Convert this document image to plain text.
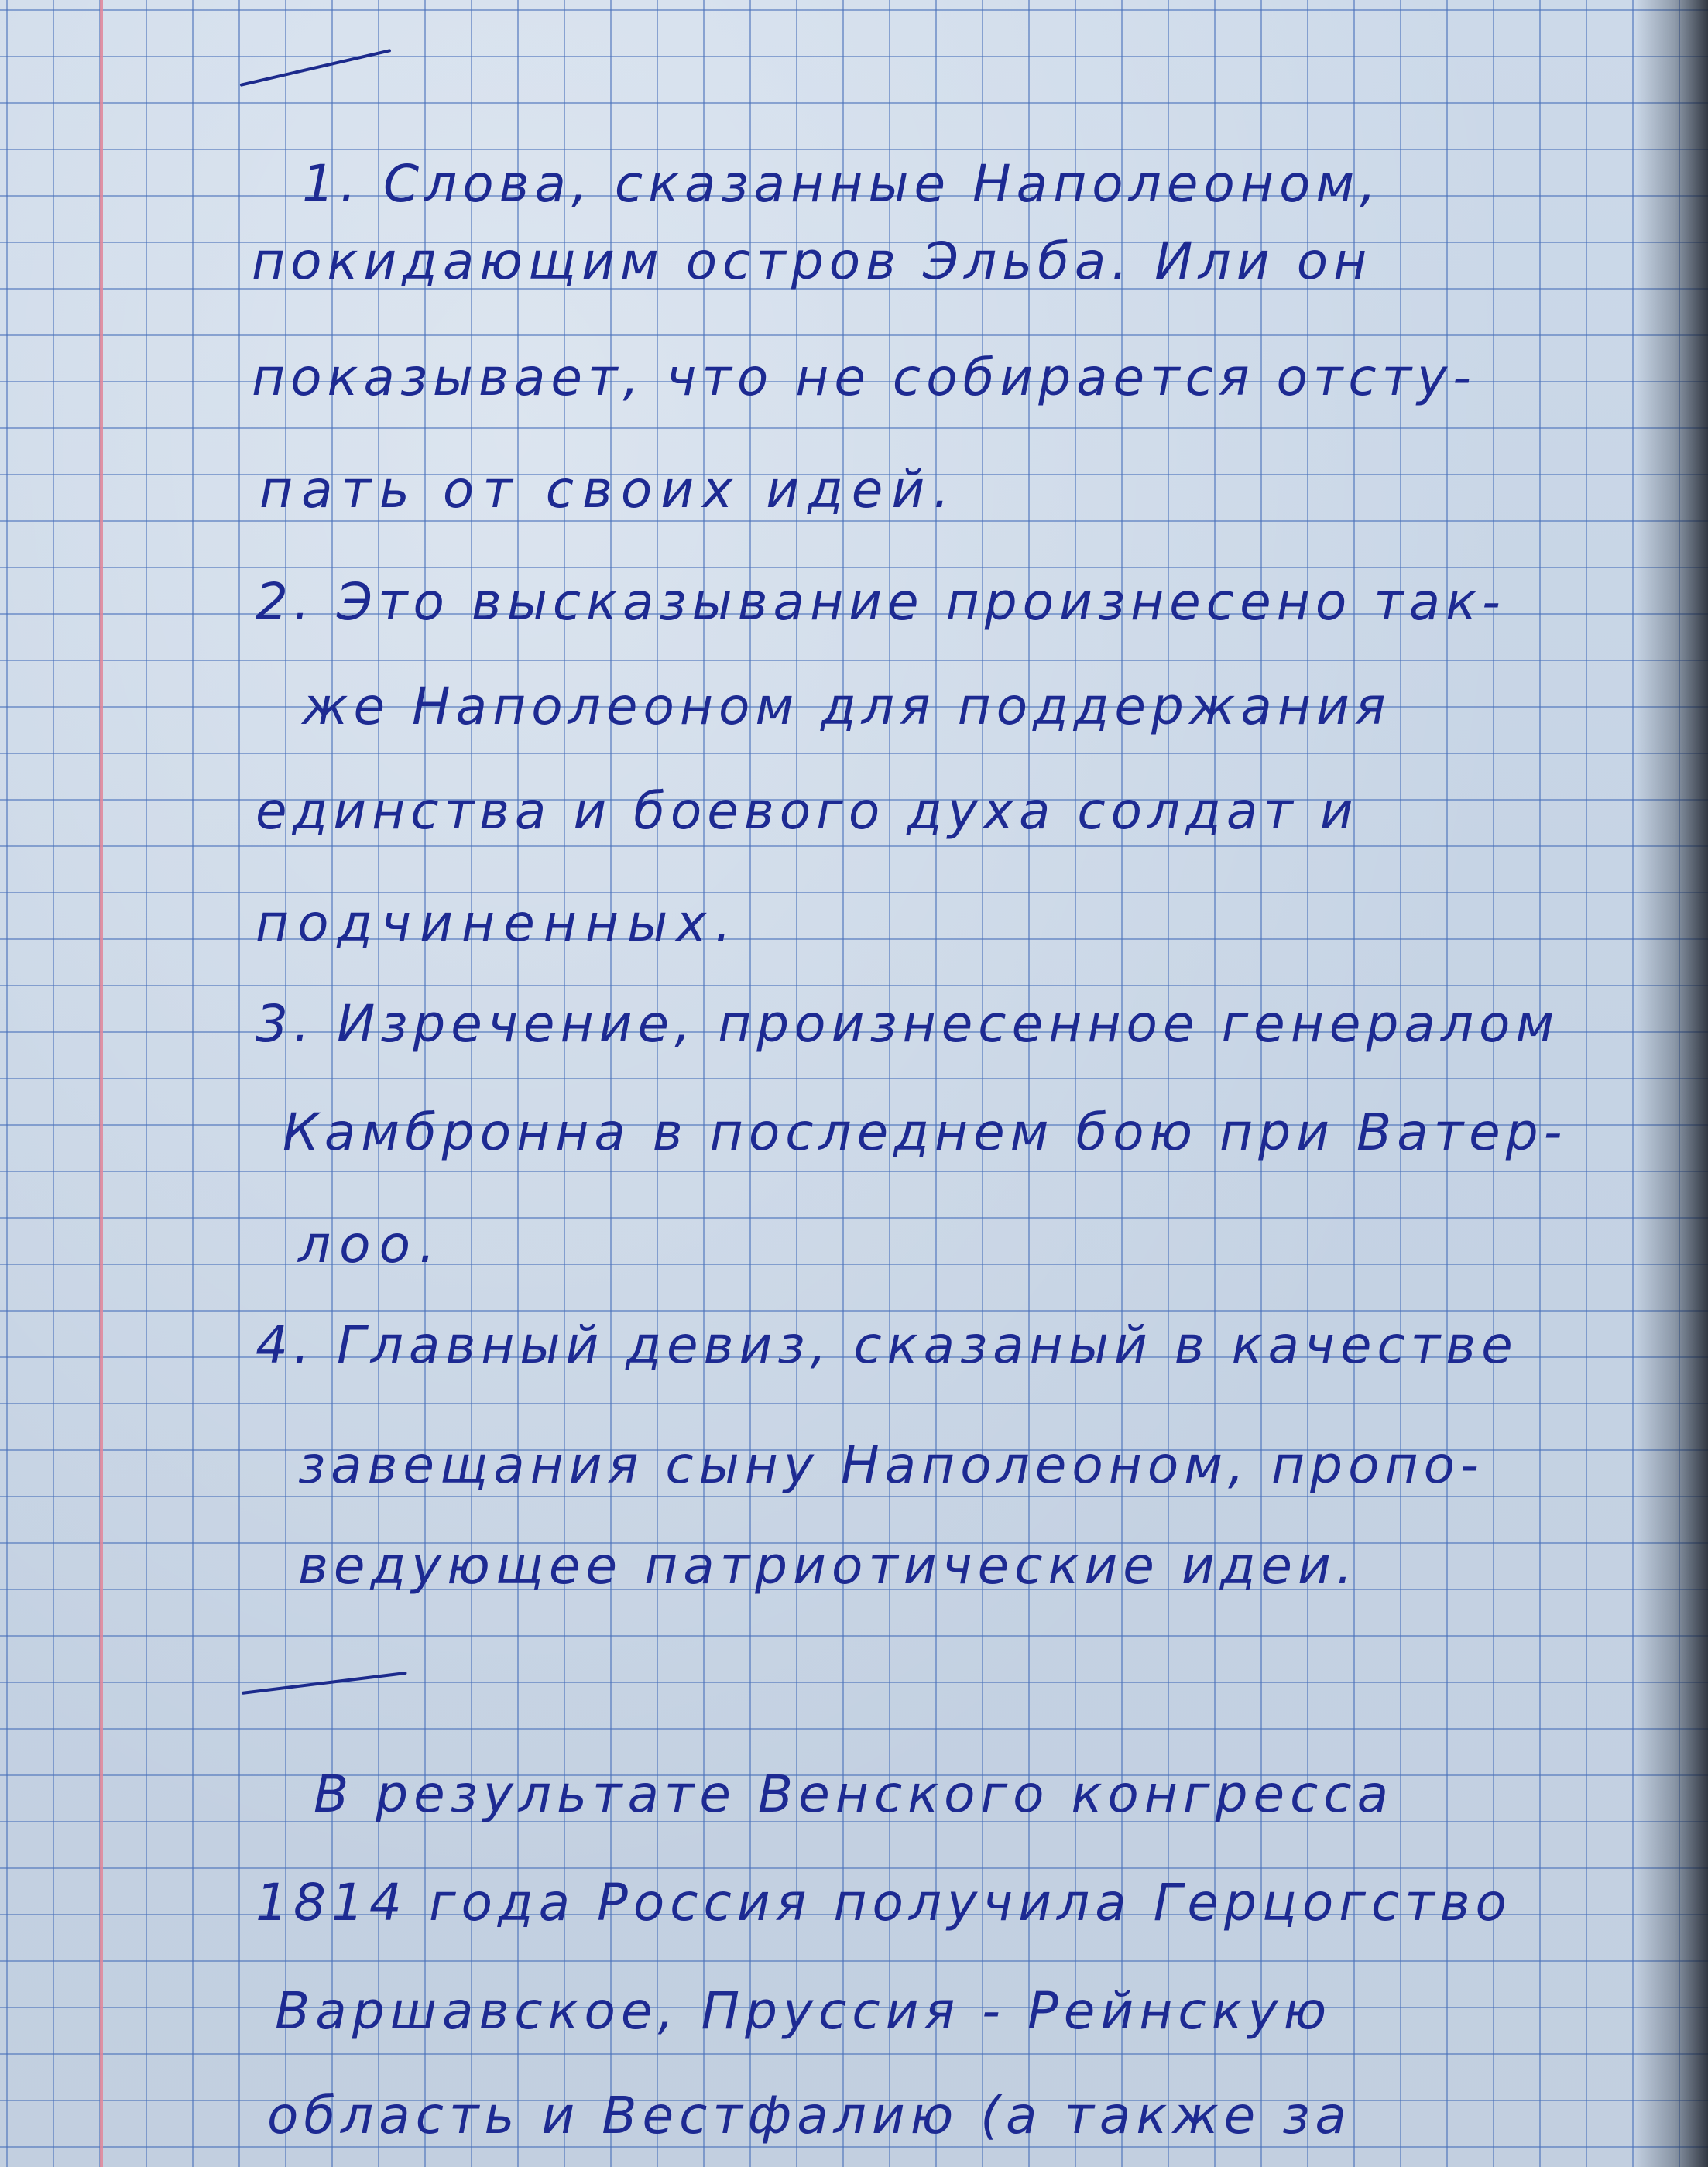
1. Слова, сказанные Наполеоном,

покидающим остров Эльба. Или он

показывает, что не собирается отсту-

пать от своих идей.

2. Это высказывание произнесено так-

же Наполеоном для поддержания

единства и боевого духа солдат и

подчиненных.

3. Изречение, произнесенное генералом

Камбронна в последнем бою при Ватер-

лоо.

4. Главный девиз, сказаный в качестве

завещания сыну Наполеоном, пропо-

ведующее патриотические идеи.

В результате Венского конгресса

1814 года Россия получила Герцогство

Варшавское, Пруссия - Рейнскую

область и Вестфалию (а также за
